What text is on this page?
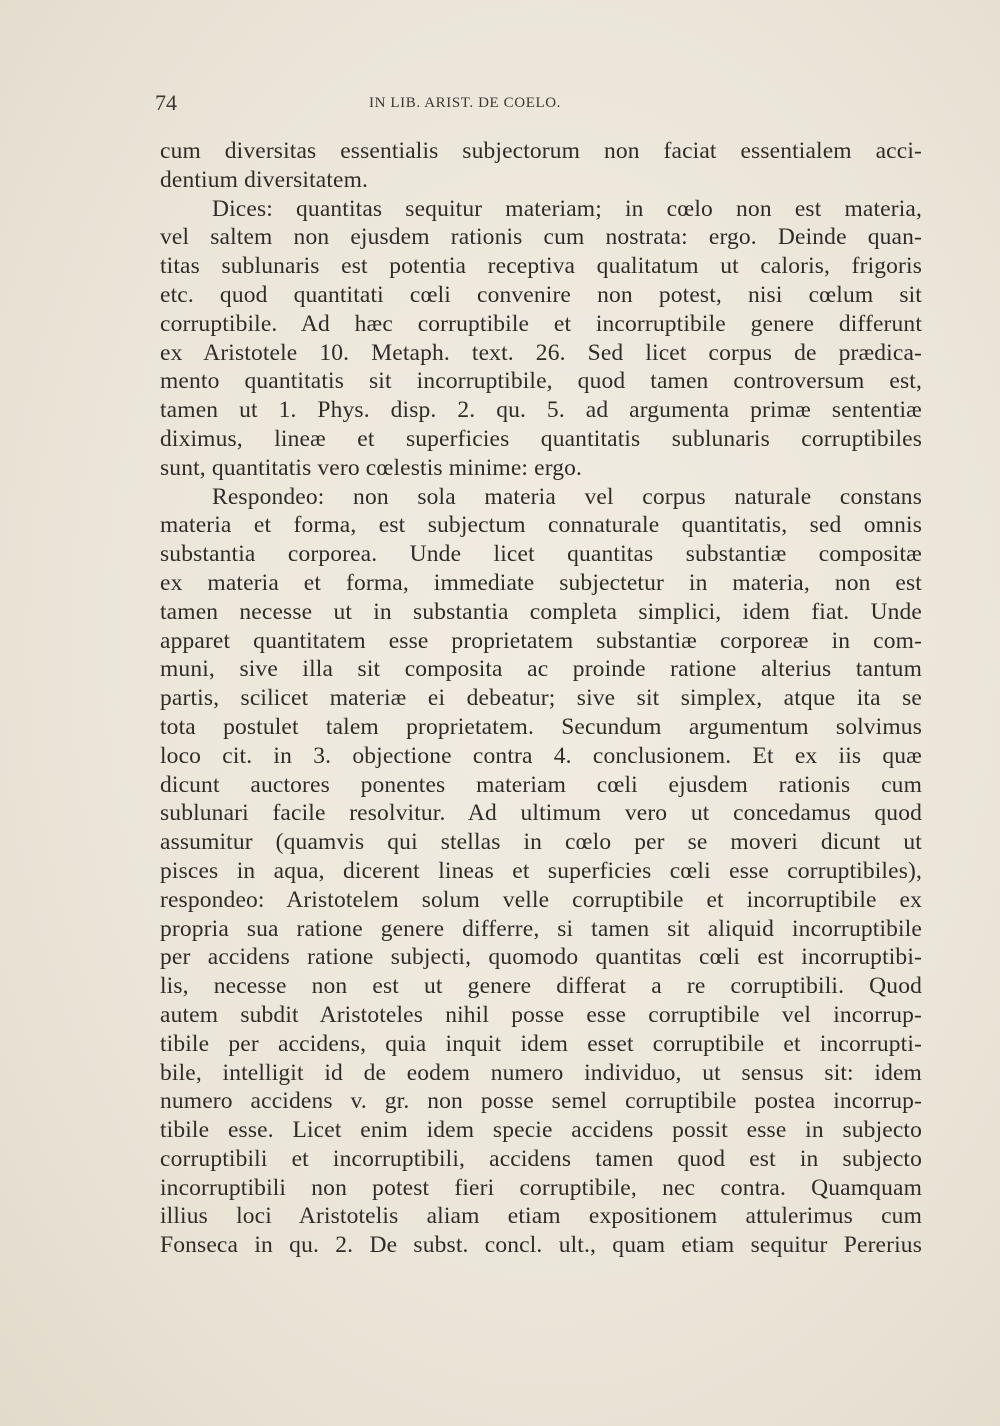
74	IN LIB. ARIST. DE COELO.
cum diversitas essentialis subjectorum non faciat essentialem acci-
dentium diversitatem.
Dices: quantitas sequitur materiam; in cœlo non est materia,
vel saltem non ejusdem rationis cum nostrata: ergo. Deinde quan-
titas sublunaris est potentia receptiva qualitatum ut caloris, frigoris
etc. quod quantitati cœli convenire non potest, nisi cœlum sit
corruptibile. Ad hæc corruptibile et incorruptibile genere differunt
ex Aristotele 10. Metaph. text. 26. Sed licet corpus de prædica-
mento quantitatis sit incorruptibile, quod tamen controversum est,
tamen ut 1. Phys. disp. 2. qu. 5. ad argumenta primæ sententiæ
diximus, lineæ et superficies quantitatis sublunaris corruptibiles
sunt, quantitatis vero cœlestis minime: ergo.
Respondeo: non sola materia vel corpus naturale constans
materia et forma, est subjectum connaturale quantitatis, sed omnis
substantia corporea. Unde licet quantitas substantiæ compositæ
ex materia et forma, immediate subjectetur in materia, non est
tamen necesse ut in substantia completa simplici, idem fiat. Unde
apparet quantitatem esse proprietatem substantiæ corporeæ in com-
muni, sive illa sit composita ac proinde ratione alterius tantum
partis, scilicet materiæ ei debeatur; sive sit simplex, atque ita se
tota postulet talem proprietatem. Secundum argumentum solvimus
loco cit. in 3. objectione contra 4. conclusionem. Et ex iis quæ
dicunt auctores ponentes materiam cœli ejusdem rationis cum
sublunari facile resolvitur. Ad ultimum vero ut concedamus quod
assumitur (quamvis qui stellas in cœlo per se moveri dicunt ut
pisces in aqua, dicerent lineas et superficies cœli esse corruptibiles),
respondeo: Aristotelem solum velle corruptibile et incorruptibile ex
propria sua ratione genere differre, si tamen sit aliquid incorruptibile
per accidens ratione subjecti, quomodo quantitas cœli est incorruptibi-
lis, necesse non est ut genere differat a re corruptibili. Quod
autem subdit Aristoteles nihil posse esse corruptibile vel incorrup-
tibile per accidens, quia inquit idem esset corruptibile et incorrupti-
bile, intelligit id de eodem numero individuo, ut sensus sit: idem
numero accidens v. gr. non posse semel corruptibile postea incorrup-
tibile esse. Licet enim idem specie accidens possit esse in subjecto
corruptibili et incorruptibili, accidens tamen quod est in subjecto
incorruptibili non potest fieri corruptibile, nec contra. Quamquam
illius loci Aristotelis aliam etiam expositionem attulerimus cum
Fonseca in qu. 2. De subst. concl. ult., quam etiam sequitur Pererius
